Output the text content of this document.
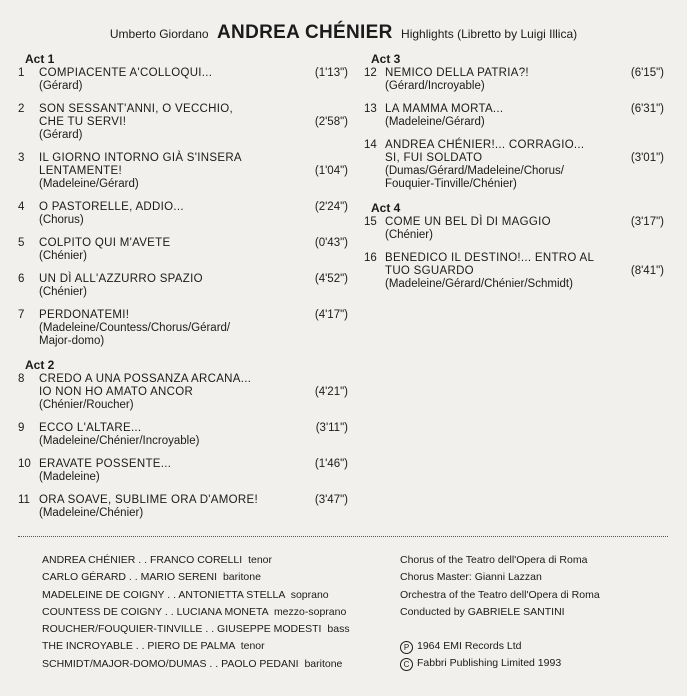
Umberto Giordano ANDREA CHÉNIER Highlights (Libretto by Luigi Illica)
Act 1
1 COMPIACENTE A'COLLOQUI...
(Gérard)
(1'13")
2 SON SESSANT'ANNI, O VECCHIO,
CHE TU SERVI!
(Gérard)
(2'58")
3 IL GIORNO INTORNO GIÀ S'INSERA
LENTAMENTE!
(Madeleine/Gérard)
(1'04")
4 O PASTORELLE, ADDIO...
(Chorus)
(2'24")
5 COLPITO QUI M'AVETE
(Chénier)
(0'43")
6 UN DÌ ALL'AZZURRO SPAZIO
(Chénier)
(4'52")
7 PERDONATEMI!
(Madeleine/Countess/Chorus/Gérard/
Major-domo)
(4'17")
Act 2
8 CREDO A UNA POSSANZA ARCANA...
IO NON HO AMATO ANCOR
(Chénier/Roucher)
(4'21")
9 ECCO L'ALTARE...
(Madeleine/Chénier/Incroyable)
(3'11")
10 ERAVATE POSSENTE...
(Madeleine)
(1'46")
11 ORA SOAVE, SUBLIME ORA D'AMORE!
(Madeleine/Chénier)
(3'47")
Act 3
12 NEMICO DELLA PATRIA?!
(Gérard/Incroyable)
(6'15")
13 LA MAMMA MORTA...
(Madeleine/Gérard)
(6'31")
14 ANDREA CHÉNIER!... CORRAGIO...
SI, FUI SOLDATO
(Dumas/Gérard/Madeleine/Chorus/
Fouquier-Tinville/Chénier)
(3'01")
Act 4
15 COME UN BEL DÌ DI MAGGIO
(Chénier)
(3'17")
16 BENEDICO IL DESTINO!... ENTRO AL
TUO SGUARDO
(Madeleine/Gérard/Chénier/Schmidt)
(8'41")
ANDREA CHÉNIER . . FRANCO CORELLI tenor
CARLO GÉRARD . . MARIO SERENI baritone
MADELEINE DE COIGNY . . ANTONIETTA STELLA soprano
COUNTESS DE COIGNY . . LUCIANA MONETA mezzo-soprano
ROUCHER/FOUQUIER-TINVILLE . . GIUSEPPE MODESTI bass
THE INCROYABLE . . PIERO DE PALMA tenor
SCHMIDT/MAJOR-DOMO/DUMAS . . PAOLO PEDANI baritone
Chorus of the Teatro dell'Opera di Roma
Chorus Master: Gianni Lazzan
Orchestra of the Teatro dell'Opera di Roma
Conducted by GABRIELE SANTINI
P 1964 EMI Records Ltd
C Fabbri Publishing Limited 1993
